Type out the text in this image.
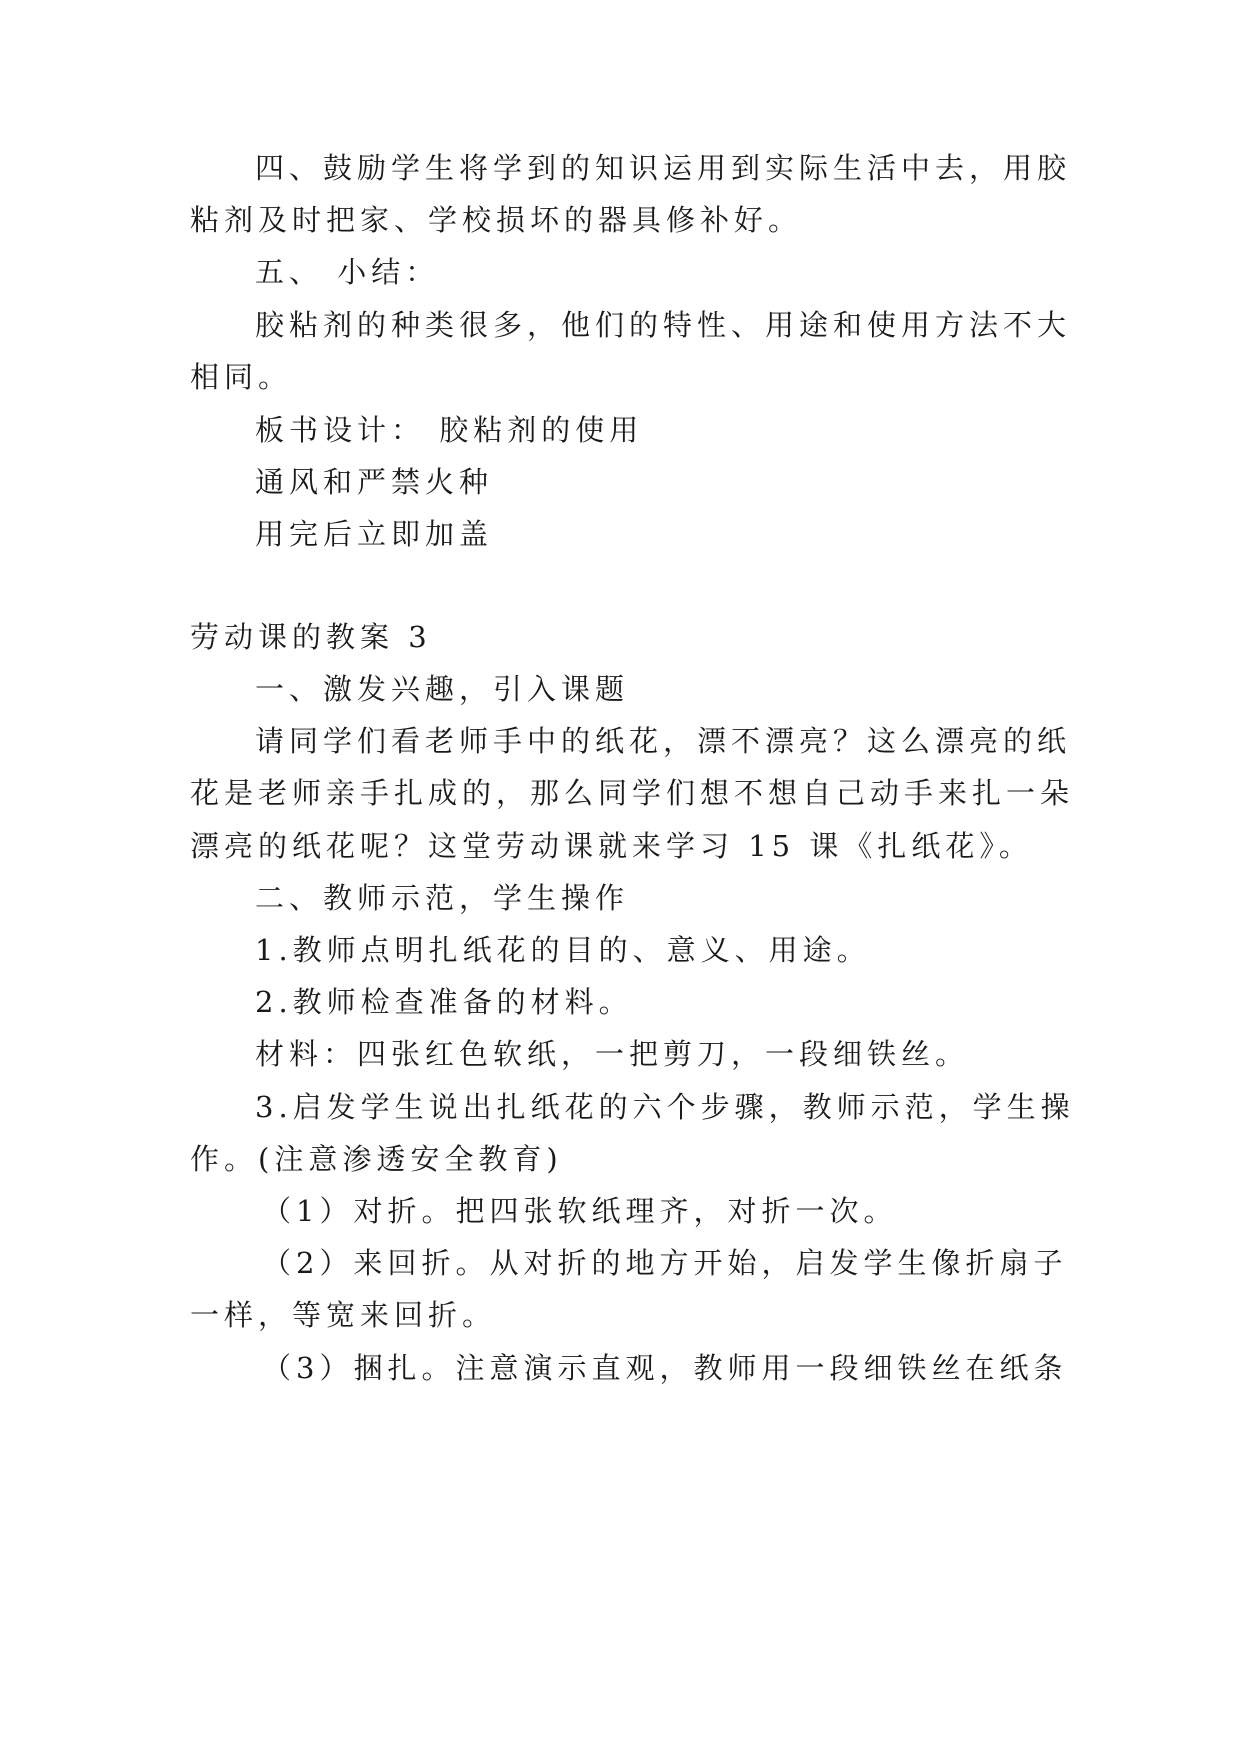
四、鼓励学生将学到的知识运用到实际生活中去，用胶
粘剂及时把家、学校损坏的器具修补好。
五、 小结：
胶粘剂的种类很多，他们的特性、用途和使用方法不大
相同。
板书设计： 胶粘剂的使用
通风和严禁火种
用完后立即加盖
劳动课的教案 3
一、激发兴趣，引入课题
请同学们看老师手中的纸花，漂不漂亮？这么漂亮的纸
花是老师亲手扎成的，那么同学们想不想自己动手来扎一朵
漂亮的纸花呢？这堂劳动课就来学习 15 课《扎纸花》。
二、教师示范，学生操作
1.教师点明扎纸花的目的、意义、用途。
2.教师检查准备的材料。
材料：四张红色软纸，一把剪刀，一段细铁丝。
3.启发学生说出扎纸花的六个步骤，教师示范，学生操
作。(注意渗透安全教育)
（1）对折。把四张软纸理齐，对折一次。
（2）来回折。从对折的地方开始，启发学生像折扇子
一样，等宽来回折。
（3）捆扎。注意演示直观，教师用一段细铁丝在纸条
